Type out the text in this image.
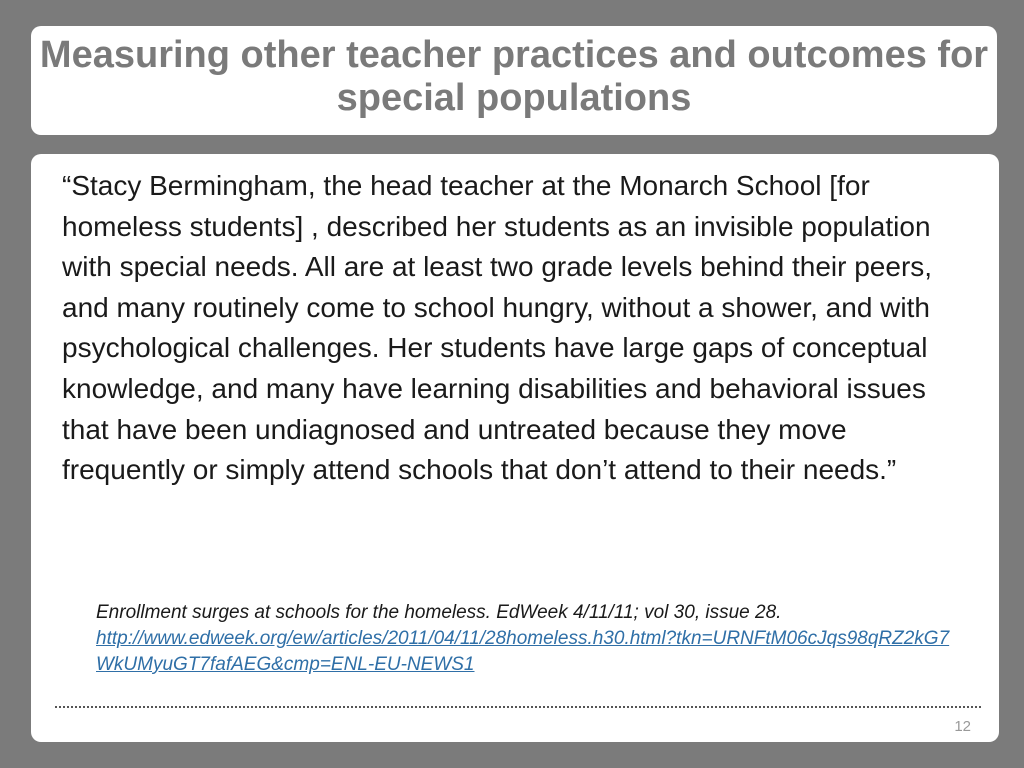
Measuring other teacher practices and outcomes for special populations

“Stacy Bermingham, the head teacher at the Monarch School [for homeless students] , described her students as an invisible population with special needs. All are at least two grade levels behind their peers, and many routinely come to school hungry, without a shower, and with psychological challenges. Her students have large gaps of conceptual knowledge, and many have learning disabilities and behavioral issues that have been undiagnosed and untreated because they move frequently or simply attend schools that don’t attend to their needs.”

Enrollment surges at schools for the homeless. EdWeek 4/11/11; vol 30, issue 28.
http://www.edweek.org/ew/articles/2011/04/11/28homeless.h30.html?tkn=URNFtM06cJqs98qRZ2kG7WkUMyuGT7fafAEG&cmp=ENL-EU-NEWS1
12
